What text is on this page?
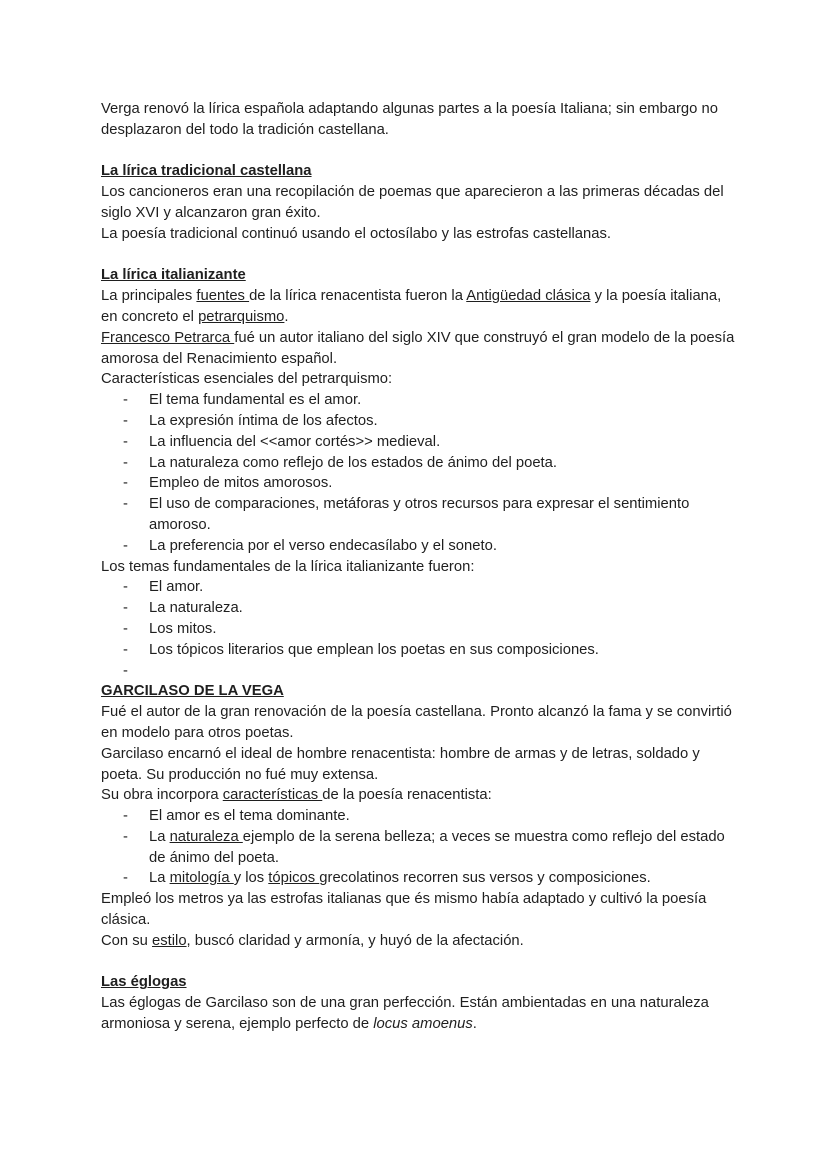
Verga renovó la lírica española adaptando algunas partes a la poesía Italiana; sin embargo no desplazaron del todo la tradición castellana.

La lírica tradicional castellana

Los cancioneros eran una recopilación de poemas que aparecieron a las primeras décadas del siglo XVI y alcanzaron gran éxito.

La poesía tradicional continuó usando el octosílabo y las estrofas castellanas.

La lírica italianizante

La principales fuentes de la lírica renacentista fueron la Antigüedad clásica y la poesía italiana, en concreto el petrarquismo.

Francesco Petrarca fué un autor italiano del siglo XIV que construyó el gran modelo de la poesía amorosa del Renacimiento español.

Características esenciales del petrarquismo:

- El tema fundamental es el amor.
- La expresión íntima de los afectos.
- La influencia del <<amor cortés>> medieval.
- La naturaleza como reflejo de los estados de ánimo del poeta.
- Empleo de mitos amorosos.
- El uso de comparaciones, metáforas y otros recursos para expresar el sentimiento amoroso.
- La preferencia por el verso endecasílabo y el soneto.

Los temas fundamentales de la lírica italianizante fueron:

- El amor.
- La naturaleza.
- Los mitos.
- Los tópicos literarios que emplean los poetas en sus composiciones.
-

GARCILASO DE LA VEGA

Fué el autor de la gran renovación de la poesía castellana. Pronto alcanzó la fama y se convirtió en modelo para otros poetas.

Garcilaso encarnó el ideal de hombre renacentista: hombre de armas y de letras, soldado y poeta. Su producción no fué muy extensa.

Su obra incorpora características de la poesía renacentista:

- El amor es el tema dominante.
- La naturaleza ejemplo de la serena belleza; a veces se muestra como reflejo del estado de ánimo del poeta.
- La mitología y los tópicos grecolatinos recorren sus versos y composiciones.

Empleó los metros ya las estrofas italianas que és mismo había adaptado y cultivó la poesía clásica.

Con su estilo, buscó claridad y armonía, y huyó de la afectación.

Las églogas

Las églogas de Garcilaso son de una gran perfección. Están ambientadas en una naturaleza armoniosa y serena, ejemplo perfecto de locus amoenus.
